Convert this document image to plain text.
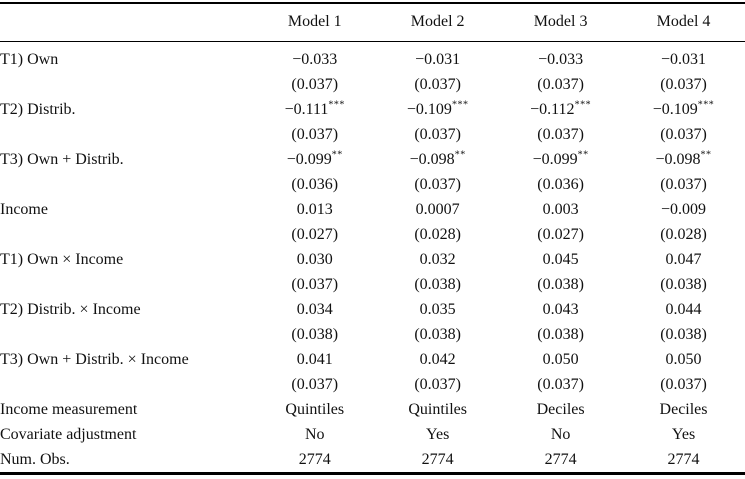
	Model 1	Model 2	Model 3	Model 4
T1) Own	−0.033	−0.031	−0.033	−0.031
	(0.037)	(0.037)	(0.037)	(0.037)
T2) Distrib.	−0.111***	−0.109***	−0.112***	−0.109***
	(0.037)	(0.037)	(0.037)	(0.037)
T3) Own + Distrib.	−0.099**	−0.098**	−0.099**	−0.098**
	(0.036)	(0.037)	(0.036)	(0.037)
Income	0.013	0.0007	0.003	−0.009
	(0.027)	(0.028)	(0.027)	(0.028)
T1) Own × Income	0.030	0.032	0.045	0.047
	(0.037)	(0.038)	(0.038)	(0.038)
T2) Distrib. × Income	0.034	0.035	0.043	0.044
	(0.038)	(0.038)	(0.038)	(0.038)
T3) Own + Distrib. × Income	0.041	0.042	0.050	0.050
	(0.037)	(0.037)	(0.037)	(0.037)
Income measurement	Quintiles	Quintiles	Deciles	Deciles
Covariate adjustment	No	Yes	No	Yes
Num. Obs.	2774	2774	2774	2774
